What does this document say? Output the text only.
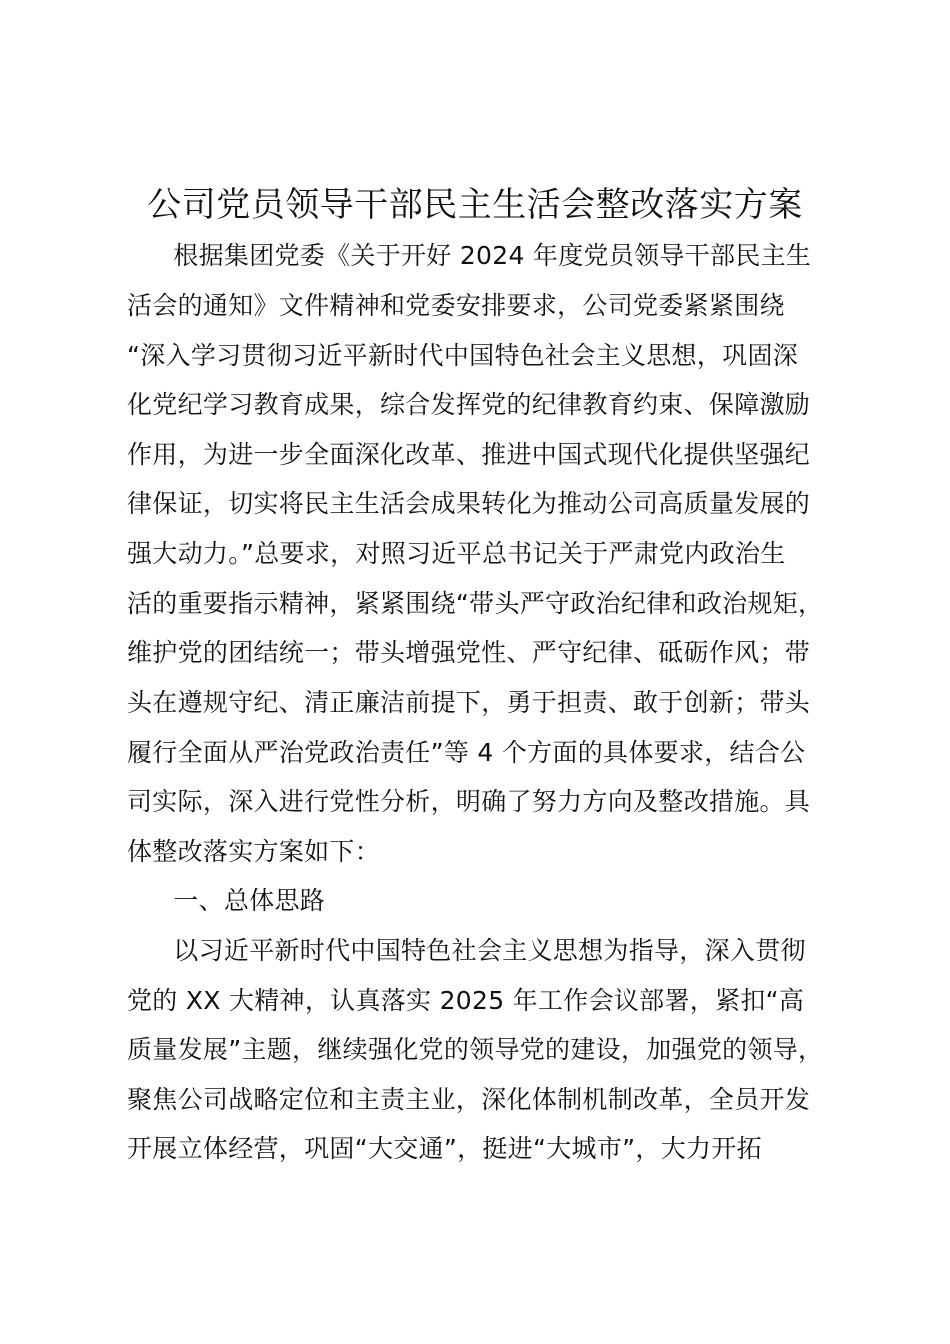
公司党员领导干部民主生活会整改落实方案
　根据集团党委《关于开好 2024 年度党员领导干部民主生
活会的通知》文件精神和党委安排要求，公司党委紧紧围绕
“深入学习贯彻习近平新时代中国特色社会主义思想，巩固深
化党纪学习教育成果，综合发挥党的纪律教育约束、保障激励
作用，为进一步全面深化改革、推进中国式现代化提供坚强纪
律保证，切实将民主生活会成果转化为推动公司高质量发展的
强大动力。”总要求，对照习近平总书记关于严肃党内政治生
活的重要指示精神，紧紧围绕“带头严守政治纪律和政治规矩，
维护党的团结统一；带头增强党性、严守纪律、砥砺作风；带
头在遵规守纪、清正廉洁前提下，勇于担责、敢于创新；带头
履行全面从严治党政治责任”等 4 个方面的具体要求，结合公
司实际，深入进行党性分析，明确了努力方向及整改措施。具
体整改落实方案如下：
　一、总体思路
　以习近平新时代中国特色社会主义思想为指导，深入贯彻
党的 XX 大精神，认真落实 2025 年工作会议部署，紧扣“高
质量发展”主题，继续强化党的领导党的建设，加强党的领导，
聚焦公司战略定位和主责主业，深化体制机制改革，全员开发
开展立体经营，巩固“大交通”，挺进“大城市”，大力开拓
